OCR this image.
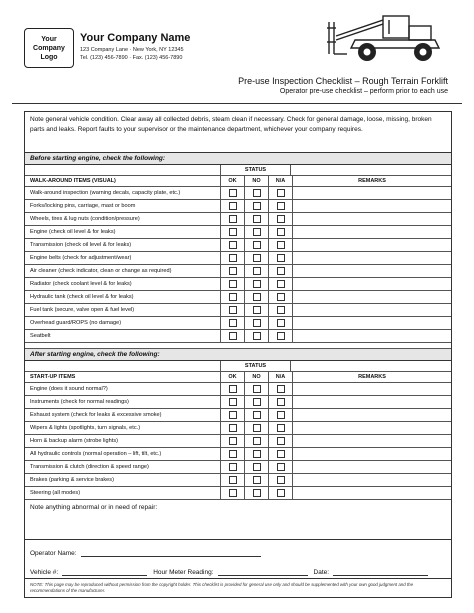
Your Company Logo
Your Company Name
123 Company Lane · New York, NY 12345
Tel. (123) 456-7890 · Fax. (123) 456-7890
Pre-use Inspection Checklist – Rough Terrain Forklift
Operator pre-use checklist – perform prior to each use
Note general vehicle condition. Clear away all collected debris, steam clean if necessary. Check for general damage, loose, missing, broken parts and leaks. Report faults to your supervisor or the maintenance department, whichever your company requires.
Before starting engine, check the following:
STATUS
WALK-AROUND ITEMS (VISUAL)	OK	NO	N/A	REMARKS
Walk-around inspection (warning decals, capacity plate, etc.)
Forks/locking pins, carriage, mast or boom
Wheels, tires & lug nuts (condition/pressure)
Engine (check oil level & for leaks)
Transmission (check oil level & for leaks)
Engine belts (check for adjustment/wear)
Air cleaner (check indicator, clean or change as required)
Radiator (check coolant level & for leaks)
Hydraulic tank (check oil level & for leaks)
Fuel tank (secure, valve open & fuel level)
Overhead guard/ROPS (no damage)
Seatbelt
After starting engine, check the following:
STATUS
START-UP ITEMS	OK	NO	N/A	REMARKS
Engine (does it sound normal?)
Instruments (check for normal readings)
Exhaust system (check for leaks & excessive smoke)
Wipers & lights (spotlights, turn signals, etc.)
Horn & backup alarm (strobe lights)
All hydraulic controls (normal operation – lift, tilt, etc.)
Transmission & clutch (direction & speed range)
Brakes (parking & service brakes)
Steering (all modes)
Note anything abnormal or in need of repair:
Operator Name:
Vehicle #:	Hour Meter Reading:	Date:
NOTE: This page may be reproduced without permission from the copyright holder. This checklist is provided for general use only and should be supplemented with your own good judgment and the recommendations of the manufacturer.
